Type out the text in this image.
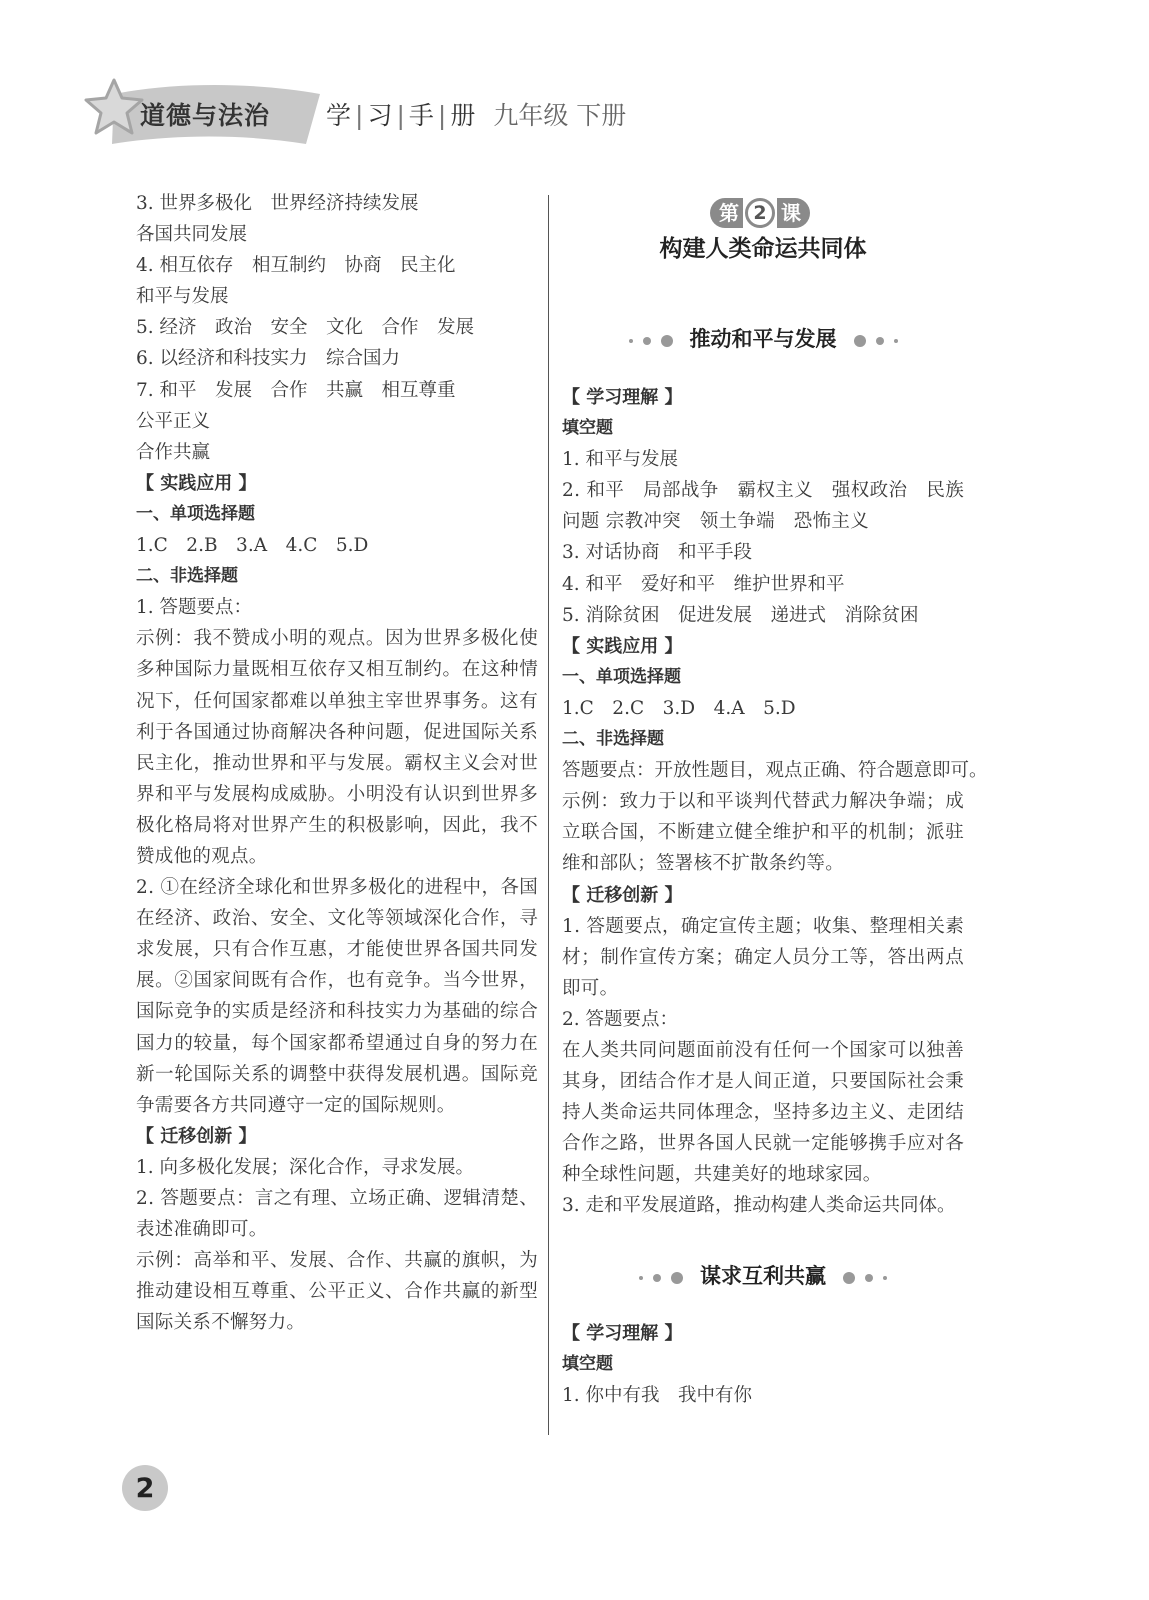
道德与法治 学 | 习 | 手 | 册 九年级 下册
3. 世界多极化　世界经济持续发展
各国共同发展
4. 相互依存　相互制约　协商　民主化
和平与发展
5. 经济　政治　安全　文化　合作　发展
6. 以经济和科技实力　综合国力
7. 和平　发展　合作　共赢　相互尊重
公平正义
合作共赢
【 实践应用 】
一、单项选择题
1.C　2.B　3.A　4.C　5.D
二、非选择题
1. 答题要点：
示例：我不赞成小明的观点。因为世界多极化使多种国际力量既相互依存又相互制约。在这种情况下，任何国家都难以单独主宰世界事务。这有利于各国通过协商解决各种问题，促进国际关系民主化，推动世界和平与发展。霸权主义会对世界和平与发展构成威胁。小明没有认识到世界多极化格局将对世界产生的积极影响，因此，我不赞成他的观点。
2. ①在经济全球化和世界多极化的进程中，各国在经济、政治、安全、文化等领域深化合作，寻求发展，只有合作互惠，才能使世界各国共同发展。②国家间既有合作，也有竞争。当今世界，国际竞争的实质是经济和科技实力为基础的综合国力的较量，每个国家都希望通过自身的努力在新一轮国际关系的调整中获得发展机遇。国际竞争需要各方共同遵守一定的国际规则。
【 迁移创新 】
1. 向多极化发展；深化合作，寻求发展。
2. 答题要点：言之有理、立场正确、逻辑清楚、表述准确即可。
示例：高举和平、发展、合作、共赢的旗帜，为推动建设相互尊重、公平正义、合作共赢的新型国际关系不懈努力。
第 2 课
构建人类命运共同体
推动和平与发展
【 学习理解 】
填空题
1. 和平与发展
2. 和平　局部战争　霸权主义　强权政治　民族问题 宗教冲突　领土争端　恐怖主义
3. 对话协商　和平手段
4. 和平　爱好和平　维护世界和平
5. 消除贫困　促进发展　递进式　消除贫困
【 实践应用 】
一、单项选择题
1.C　2.C　3.D　4.A　5.D
二、非选择题
答题要点：开放性题目，观点正确、符合题意即可。
示例：致力于以和平谈判代替武力解决争端；成立联合国，不断建立健全维护和平的机制；派驻维和部队；签署核不扩散条约等。
【 迁移创新 】
1. 答题要点，确定宣传主题；收集、整理相关素材；制作宣传方案；确定人员分工等，答出两点即可。
2. 答题要点：
在人类共同问题面前没有任何一个国家可以独善其身，团结合作才是人间正道，只要国际社会秉持人类命运共同体理念，坚持多边主义、走团结合作之路，世界各国人民就一定能够携手应对各种全球性问题，共建美好的地球家园。
3. 走和平发展道路，推动构建人类命运共同体。
谋求互利共赢
【 学习理解 】
填空题
1. 你中有我　我中有你
2
